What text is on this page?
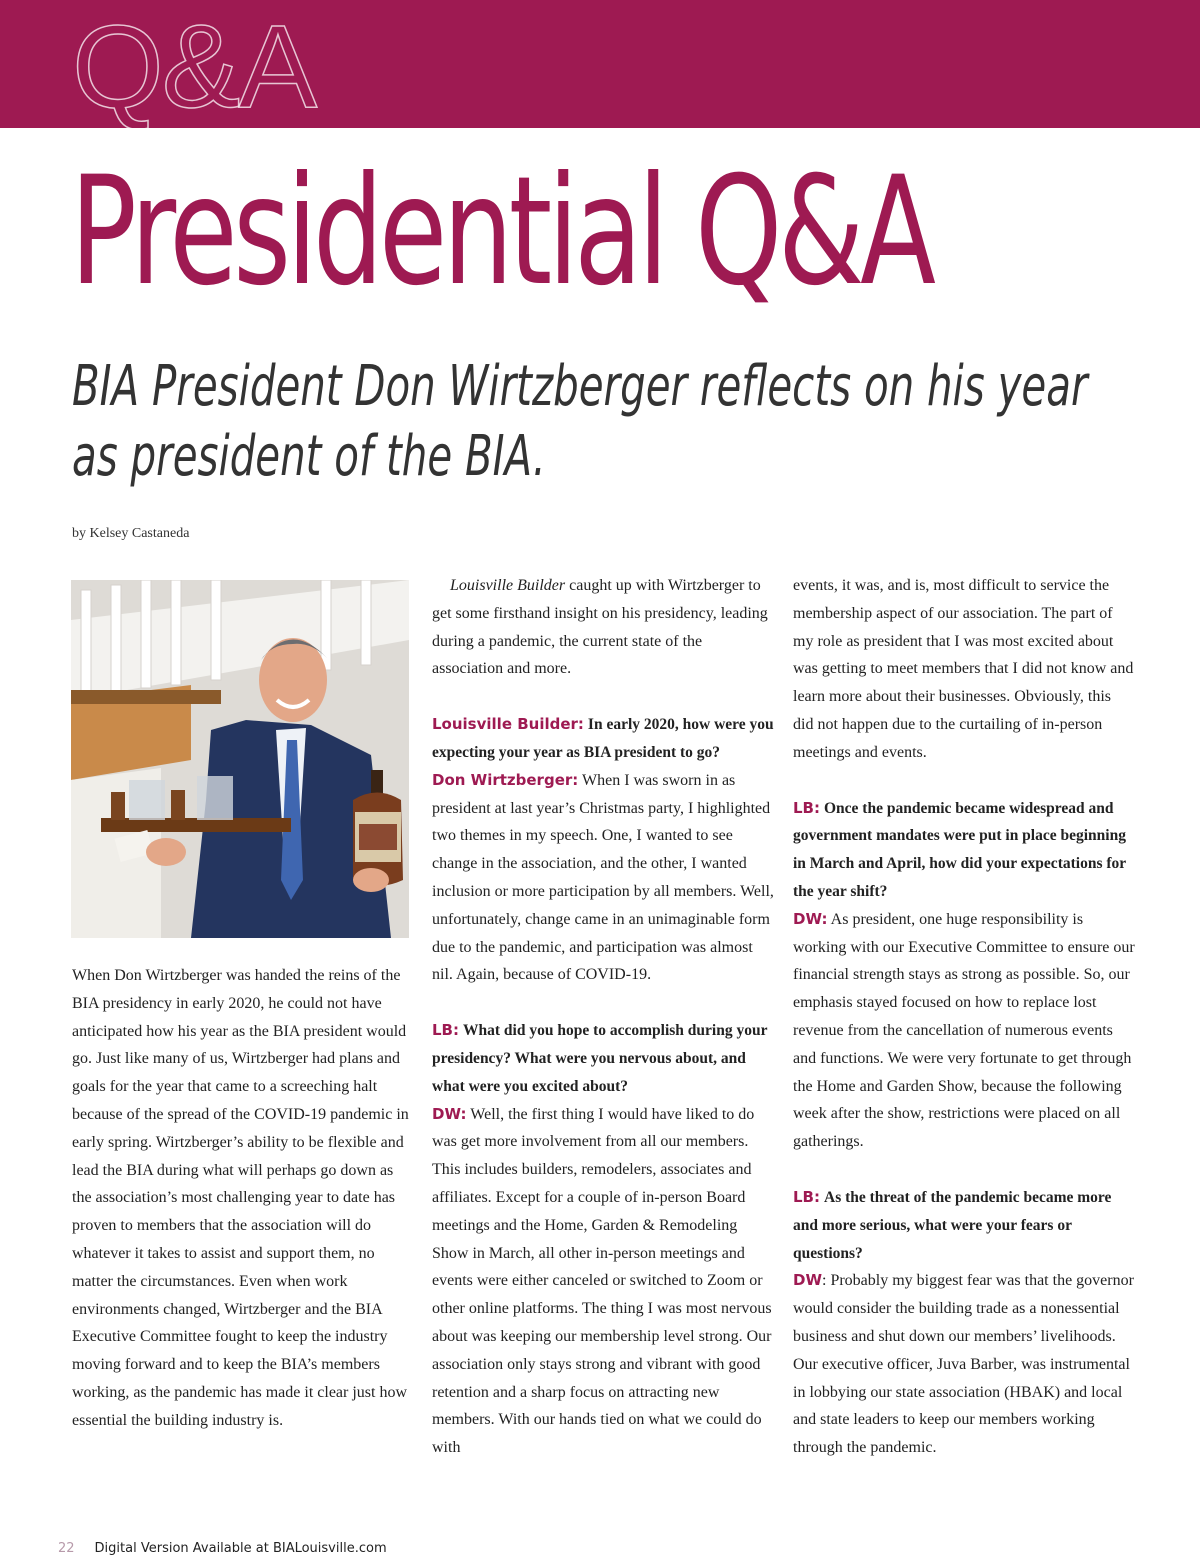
Q&A
Presidential Q&A
BIA President Don Wirtzberger reflects on his year as president of the BIA.
by Kelsey Castaneda

When Don Wirtzberger was handed the reins of the BIA presidency in early 2020, he could not have anticipated how his year as the BIA president would go. Just like many of us, Wirtzberger had plans and goals for the year that came to a screeching halt because of the spread of the COVID-19 pandemic in early spring. Wirtzberger’s ability to be flexible and lead the BIA during what will perhaps go down as the association’s most challenging year to date has proven to members that the association will do whatever it takes to assist and support them, no matter the circumstances. Even when work environments changed, Wirtzberger and the BIA Executive Committee fought to keep the industry moving forward and to keep the BIA’s members working, as the pandemic has made it clear just how essential the building industry is.

Louisville Builder caught up with Wirtzberger to get some firsthand insight on his presidency, leading during a pandemic, the current state of the association and more.

Louisville Builder: In early 2020, how were you expecting your year as BIA president to go?

Don Wirtzberger: When I was sworn in as president at last year’s Christmas party, I highlighted two themes in my speech. One, I wanted to see change in the association, and the other, I wanted inclusion or more participation by all members. Well, unfortunately, change came in an unimaginable form due to the pandemic, and participation was almost nil. Again, because of COVID-19.

LB: What did you hope to accomplish during your presidency? What were you nervous about, and what were you excited about?

DW: Well, the first thing I would have liked to do was get more involvement from all our members. This includes builders, remodelers, associates and affiliates. Except for a couple of in-person Board meetings and the Home, Garden & Remodeling Show in March, all other in-person meetings and events were either canceled or switched to Zoom or other online platforms. The thing I was most nervous about was keeping our membership level strong. Our association only stays strong and vibrant with good retention and a sharp focus on attracting new members. With our hands tied on what we could do with

events, it was, and is, most difficult to service the membership aspect of our association. The part of my role as president that I was most excited about was getting to meet members that I did not know and learn more about their businesses. Obviously, this did not happen due to the curtailing of in-person meetings and events.

LB: Once the pandemic became widespread and government mandates were put in place beginning in March and April, how did your expectations for the year shift?

DW: As president, one huge responsibility is working with our Executive Committee to ensure our financial strength stays as strong as possible. So, our emphasis stayed focused on how to replace lost revenue from the cancellation of numerous events and functions. We were very fortunate to get through the Home and Garden Show, because the following week after the show, restrictions were placed on all gatherings.

LB: As the threat of the pandemic became more and more serious, what were your fears or questions?

DW: Probably my biggest fear was that the governor would consider the building trade as a nonessential business and shut down our members’ livelihoods. Our executive officer, Juva Barber, was instrumental in lobbying our state association (HBAK) and local and state leaders to keep our members working through the pandemic.

22 Digital Version Available at BIALouisville.com
